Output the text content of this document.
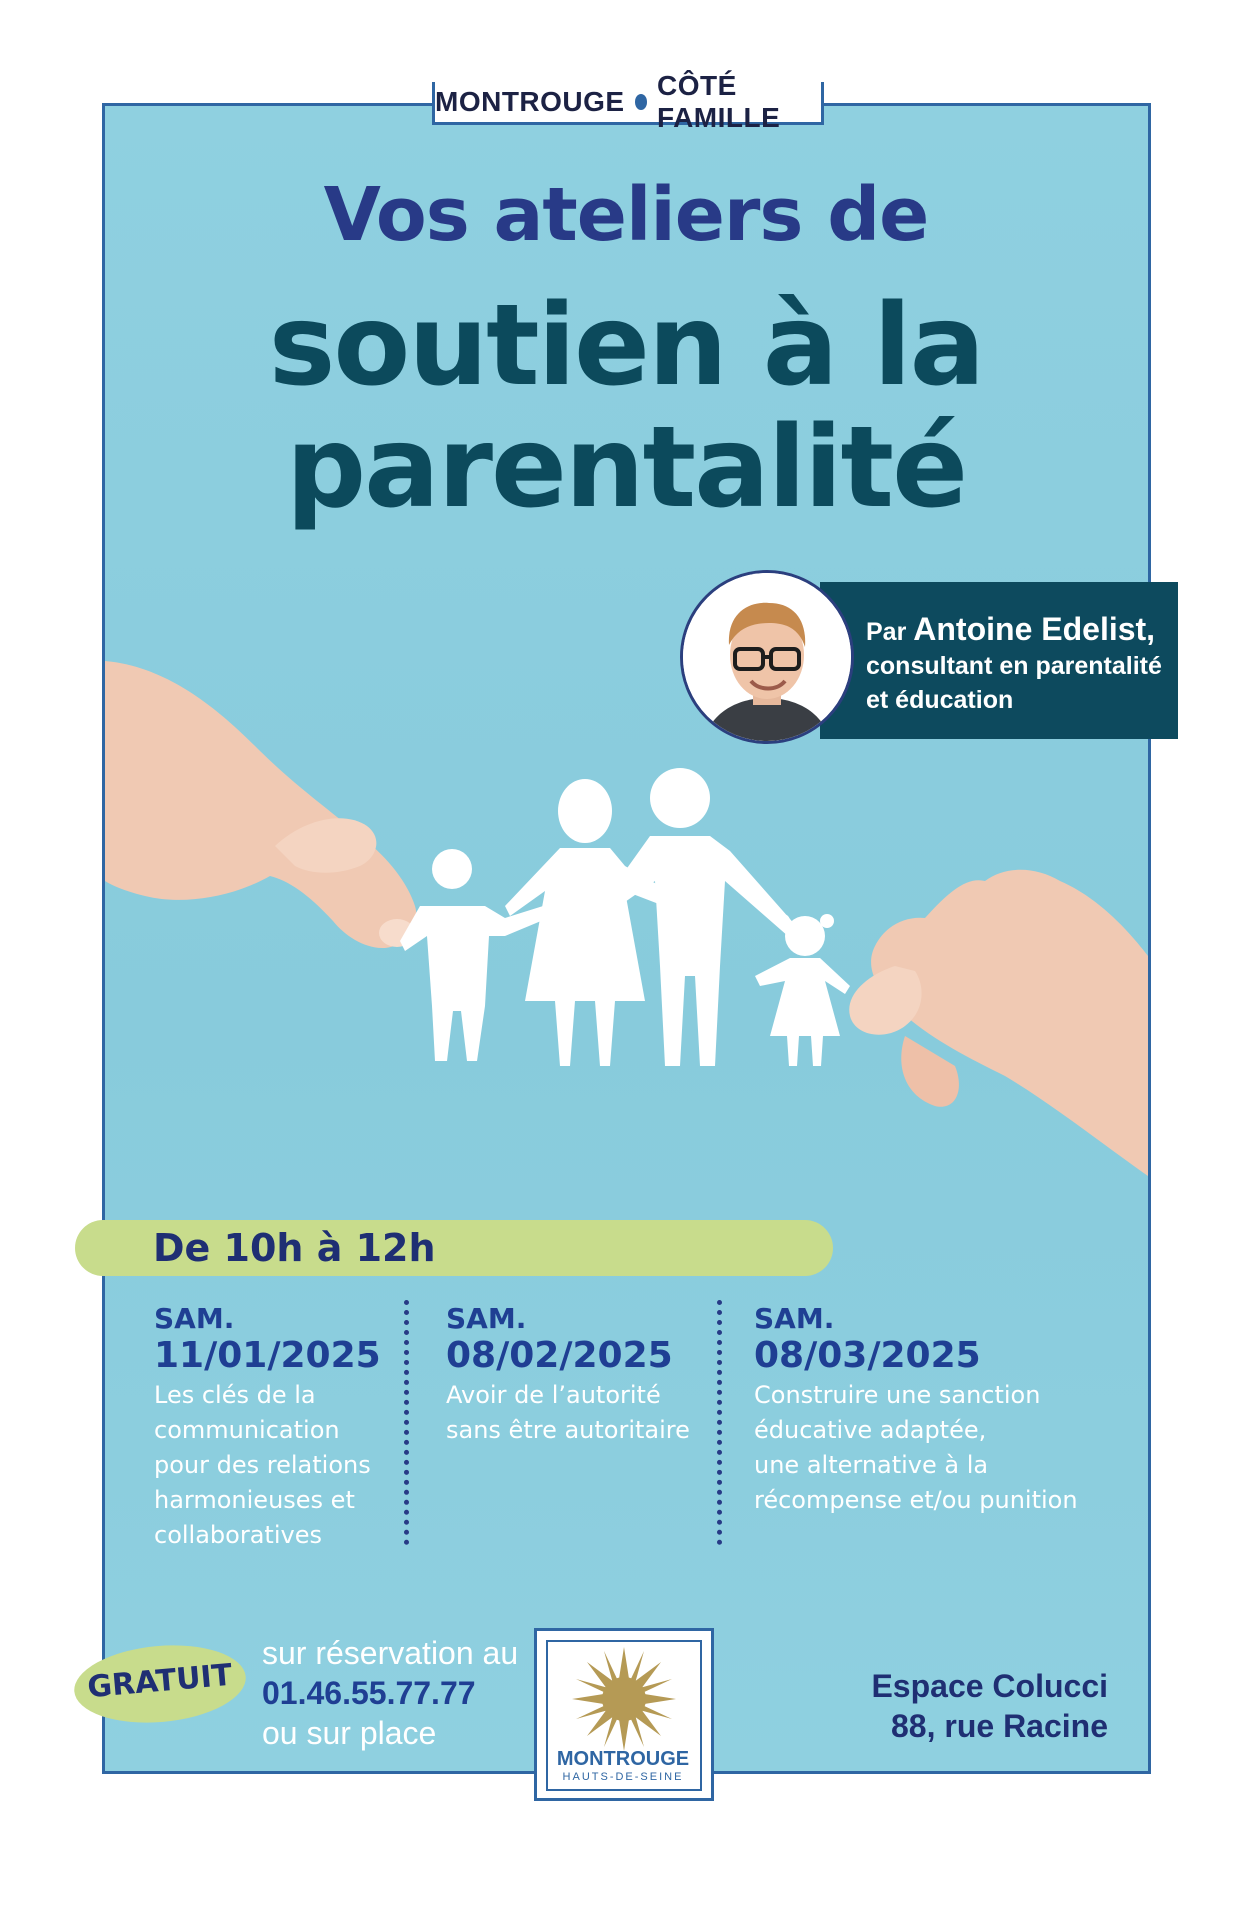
MONTROUGE
CÔTÉ FAMILLE
Vos ateliers de
soutien à la
parentalité
Par Antoine Edelist,
consultant en parentalité
et éducation
De 10h à 12h
SAM.
11/01/2025
Les clés de la
communication
pour des relations
harmonieuses et
collaboratives
SAM.
08/02/2025
Avoir de l’autorité
sans être autoritaire
SAM.
08/03/2025
Construire une sanction
éducative adaptée,
une alternative à la
récompense et/ou punition
GRATUIT
sur réservation au
01.46.55.77.77
ou sur place
MONTROUGE
HAUTS-DE-SEINE
Espace Colucci
88, rue Racine
